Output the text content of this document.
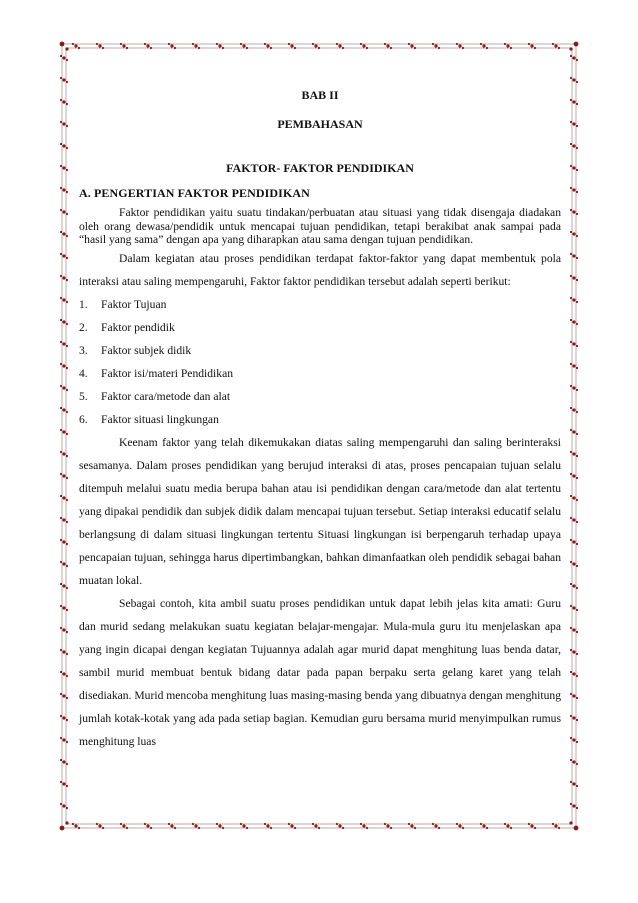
BAB II
PEMBAHASAN
FAKTOR- FAKTOR PENDIDIKAN
A. PENGERTIAN FAKTOR PENDIDIKAN

Faktor pendidikan yaitu suatu tindakan/perbuatan atau situasi yang tidak disengaja diadakan oleh orang dewasa/pendidik untuk mencapai tujuan pendidikan, tetapi berakibat anak sampai pada “hasil yang sama” dengan apa yang diharapkan atau sama dengan tujuan pendidikan.

Dalam kegiatan atau proses pendidikan terdapat faktor-faktor yang dapat membentuk pola interaksi atau saling mempengaruhi, Faktor faktor pendidikan tersebut adalah seperti berikut:

1.	Faktor Tujuan
2.	Faktor pendidik
3.	Faktor subjek didik
4.	Faktor isi/materi Pendidikan
5.	Faktor cara/metode dan alat
6.	Faktor situasi lingkungan

Keenam faktor yang telah dikemukakan diatas saling mempengaruhi dan saling berinteraksi sesamanya. Dalam proses pendidikan yang berujud interaksi di atas, proses pencapaian tujuan selalu ditempuh melalui suatu media berupa bahan atau isi pendidikan dengan cara/metode dan alat tertentu yang dipakai pendidik dan subjek didik dalam mencapai tujuan tersebut. Setiap interaksi educatif selalu berlangsung di dalam situasi lingkungan tertentu Situasi lingkungan isi berpengaruh terhadap upaya pencapaian tujuan, sehingga harus dipertimbangkan, bahkan dimanfaatkan oleh pendidik sebagai bahan muatan lokal.

Sebagai contoh, kita ambil suatu proses pendidikan untuk dapat lebih jelas kita amati: Guru dan murid sedang melakukan suatu kegiatan belajar-mengajar. Mula-mula guru itu menjelaskan apa yang ingin dicapai dengan kegiatan Tujuannya adalah agar murid dapat menghitung luas benda datar, sambil murid membuat bentuk bidang datar pada papan berpaku serta gelang karet yang telah disediakan. Murid mencoba menghitung luas masing-masing benda yang dibuatnya dengan menghitung jumlah kotak-kotak yang ada pada setiap bagian. Kemudian guru bersama murid menyimpulkan rumus menghitung luas
